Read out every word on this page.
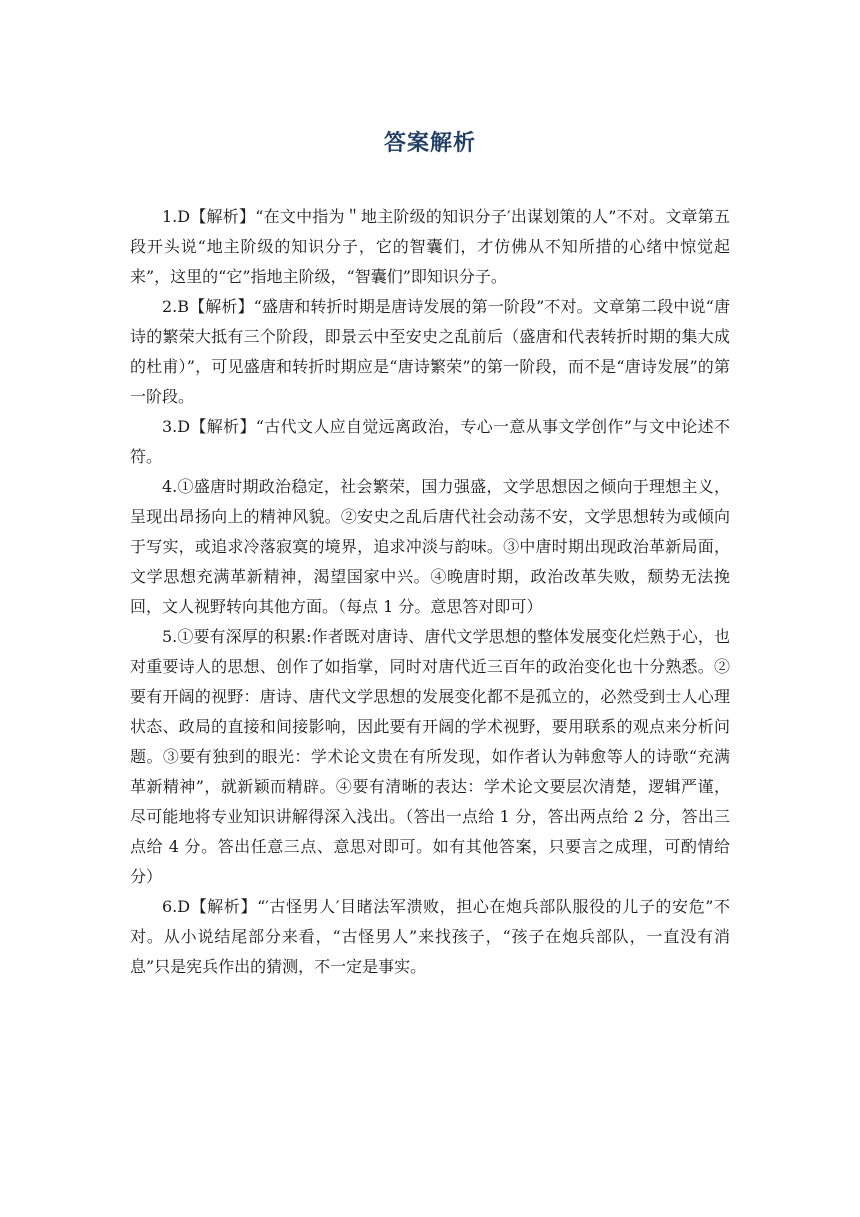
答案解析

1.D【解析】“在文中指为＂地主阶级的知识分子′出谋划策的人”不对。文章第五段开头说“地主阶级的知识分子，它的智囊们，才仿佛从不知所措的心绪中惊觉起来”，这里的“它”指地主阶级，“智囊们”即知识分子。

2.B【解析】“盛唐和转折时期是唐诗发展的第一阶段”不对。文章第二段中说“唐诗的繁荣大抵有三个阶段，即景云中至安史之乱前后（盛唐和代表转折时期的集大成的杜甫）”，可见盛唐和转折时期应是“唐诗繁荣”的第一阶段，而不是“唐诗发展”的第一阶段。

3.D【解析】“古代文人应自觉远离政治，专心一意从事文学创作”与文中论述不符。

4.①盛唐时期政治稳定，社会繁荣，国力强盛，文学思想因之倾向于理想主义，呈现出昂扬向上的精神风貌。②安史之乱后唐代社会动荡不安，文学思想转为或倾向于写实，或追求冷落寂寞的境界，追求冲淡与韵味。③中唐时期出现政治革新局面，文学思想充满革新精神，渴望国家中兴。④晚唐时期，政治改革失败，颓势无法挽回，文人视野转向其他方面。（每点 1 分。意思答对即可）

5.①要有深厚的积累:作者既对唐诗、唐代文学思想的整体发展变化烂熟于心，也对重要诗人的思想、创作了如指掌，同时对唐代近三百年的政治变化也十分熟悉。②要有开阔的视野：唐诗、唐代文学思想的发展变化都不是孤立的，必然受到士人心理状态、政局的直接和间接影响，因此要有开阔的学术视野，要用联系的观点来分析问题。③要有独到的眼光：学术论文贵在有所发现，如作者认为韩愈等人的诗歌“充满革新精神”，就新颖而精辟。④要有清晰的表达：学术论文要层次清楚，逻辑严谨，尽可能地将专业知识讲解得深入浅出。（答出一点给 1 分，答出两点给 2 分，答出三点给 4 分。答出任意三点、意思对即可。如有其他答案，只要言之成理，可酌情给分）

6.D【解析】“′古怪男人′目睹法军溃败，担心在炮兵部队服役的儿子的安危”不对。从小说结尾部分来看，“古怪男人”来找孩子，“孩子在炮兵部队，一直没有消息”只是宪兵作出的猜测，不一定是事实。
